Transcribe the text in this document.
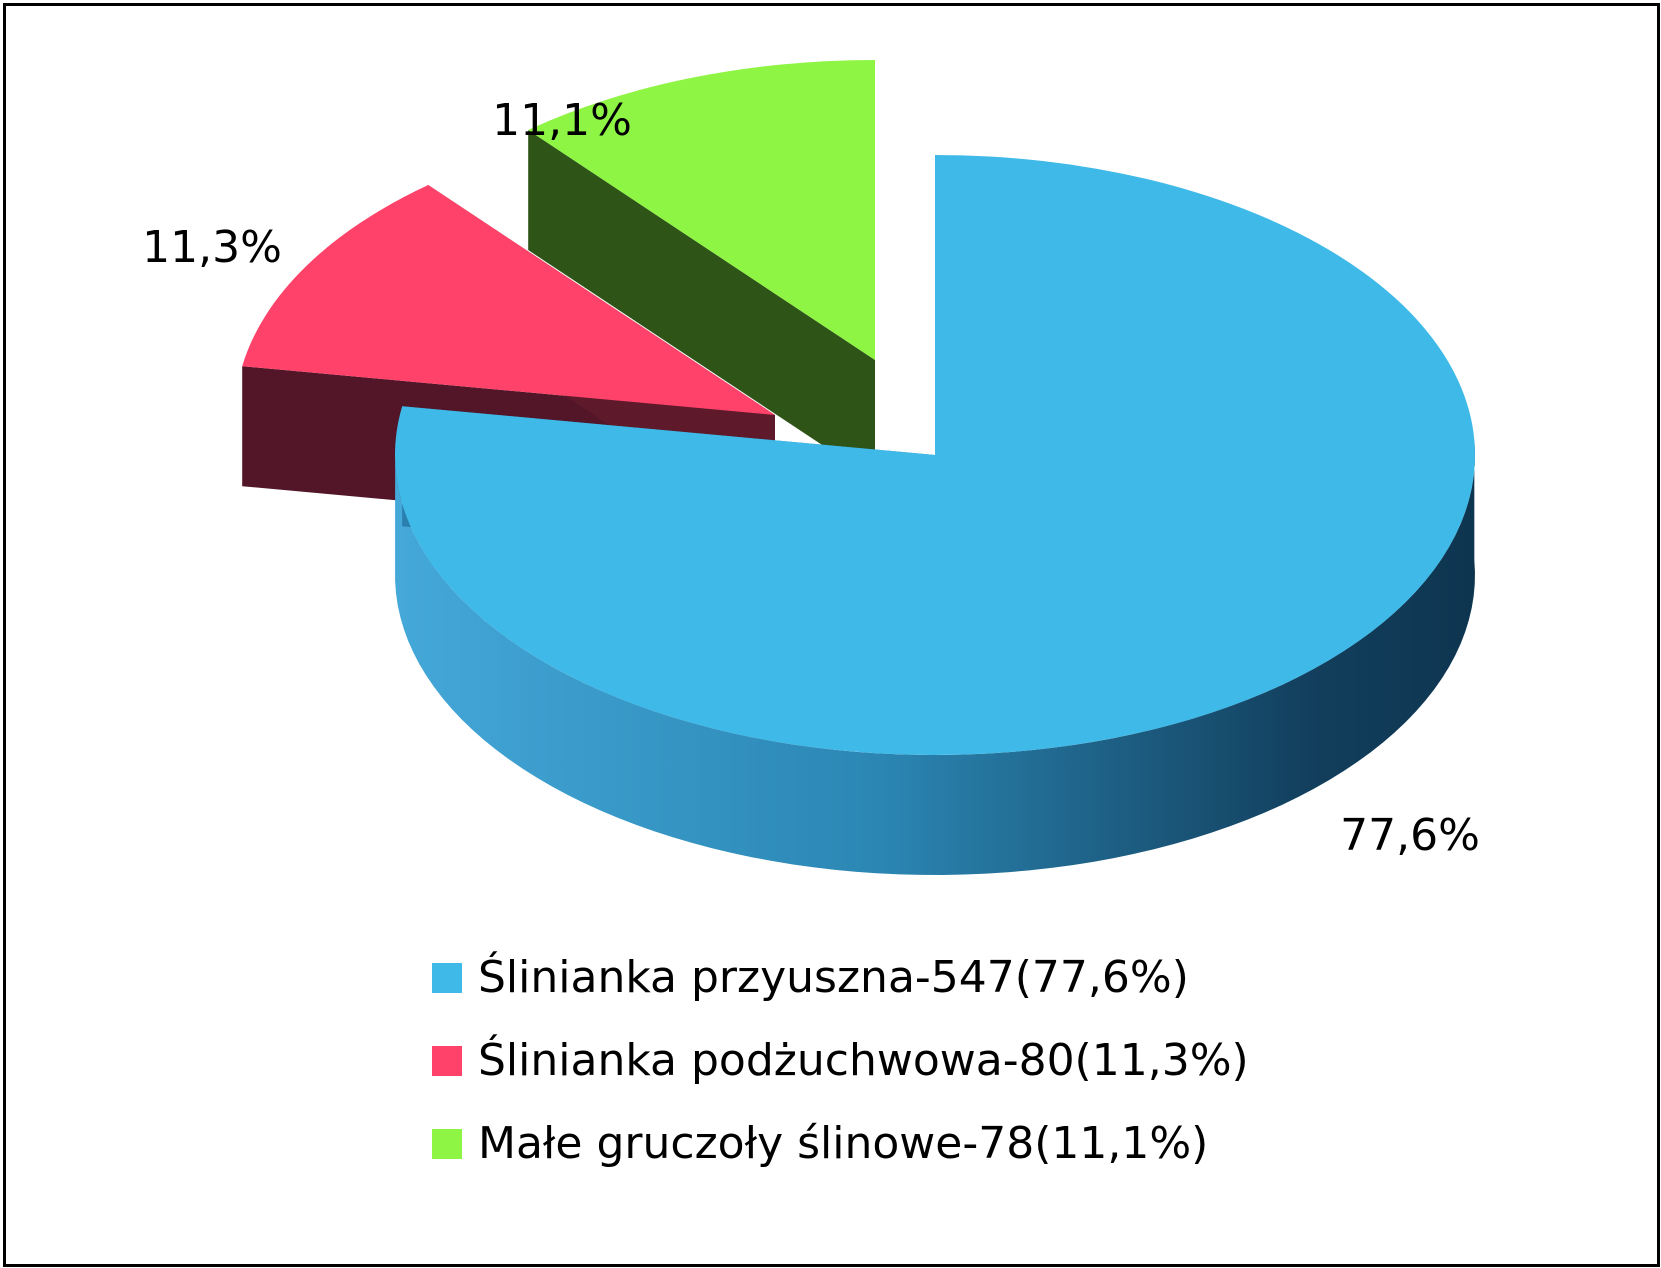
77,6%
11,3%
11,1%
Ślinianka przyuszna-547(77,6%)
Ślinianka podżuchwowa-80(11,3%)
Małe gruczoły ślinowe-78(11,1%)
